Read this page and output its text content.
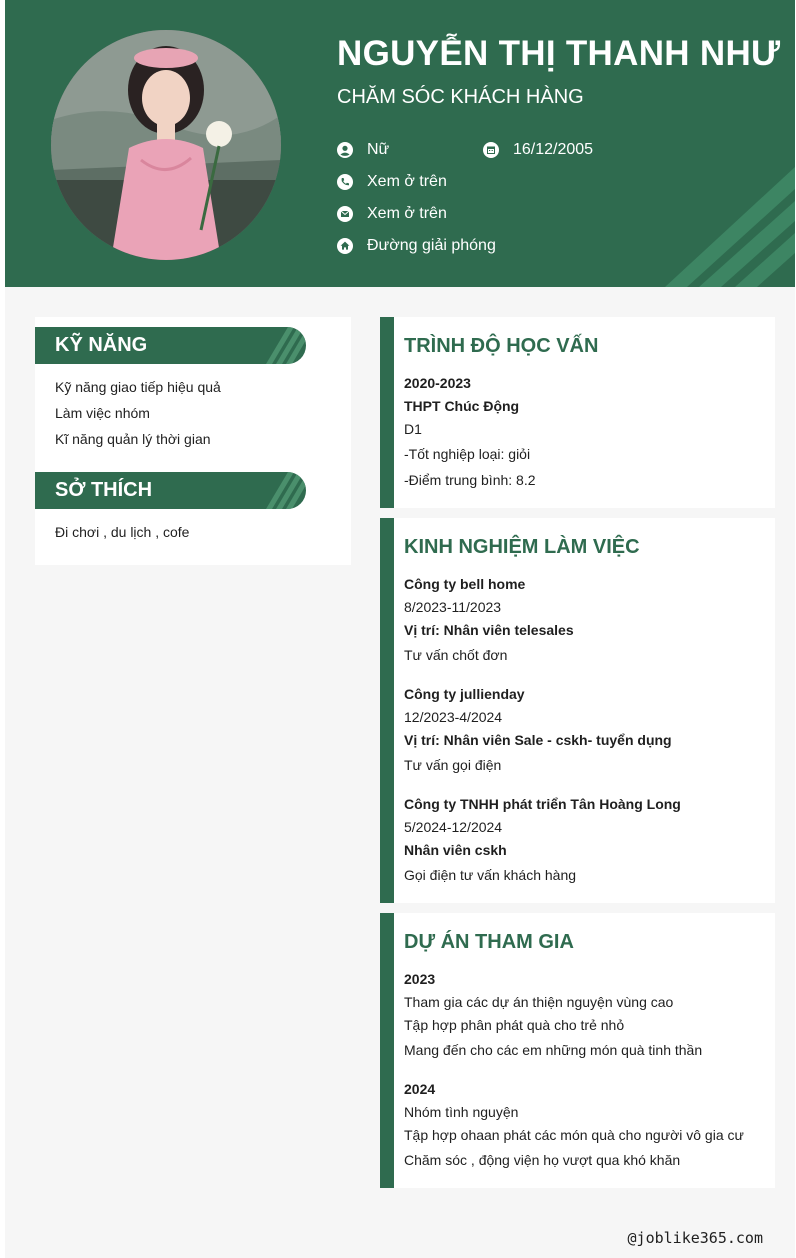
NGUYỄN THỊ THANH NHƯ
CHĂM SÓC KHÁCH HÀNG
Nữ	16/12/2005
Xem ở trên
Xem ở trên
Đường giải phóng
KỸ NĂNG
Kỹ năng giao tiếp hiệu quả
Làm việc nhóm
Kĩ năng quản lý thời gian
SỞ THÍCH
Đi chơi , du lịch , cofe
TRÌNH ĐỘ HỌC VẤN
2020-2023
THPT Chúc Động
D1
-Tốt nghiệp loại: giỏi
-Điểm trung bình: 8.2
KINH NGHIỆM LÀM VIỆC
Công ty bell home
8/2023-11/2023
Vị trí: Nhân viên telesales
Tư vấn chốt đơn
Công ty jullienday
12/2023-4/2024
Vị trí: Nhân viên Sale - cskh- tuyển dụng
Tư vấn gọi điện
Công ty TNHH phát triển Tân Hoàng Long
5/2024-12/2024
Nhân viên cskh
Gọi điện tư vấn khách hàng
DỰ ÁN THAM GIA
2023
Tham gia các dự án thiện nguyện vùng cao
Tập hợp phân phát quà cho trẻ nhỏ
Mang đến cho các em những món quà tinh thần
2024
Nhóm tình nguyện
Tập hợp ohaan phát các món quà cho người vô gia cư
Chăm sóc , động viện họ vượt qua khó khăn
@joblike365.com
